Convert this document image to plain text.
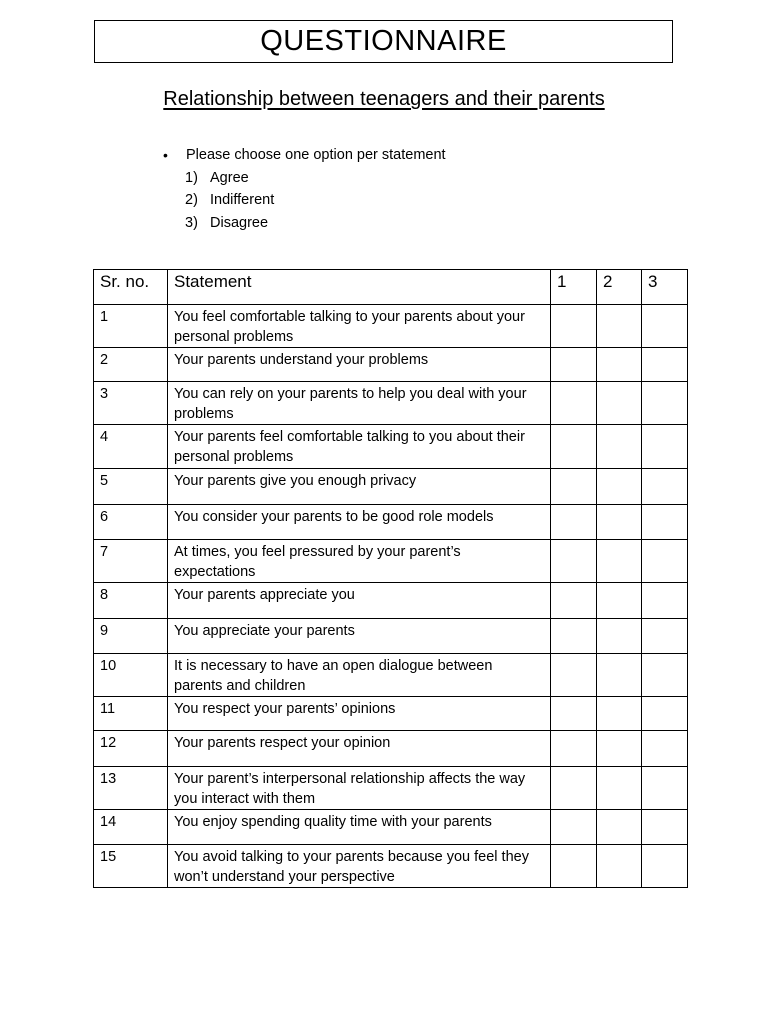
QUESTIONNAIRE
Relationship between teenagers and their parents
•	Please choose one option per statement
1) Agree
2) Indifferent
3) Disagree
Sr. no.	Statement	1	2	3
1	You feel comfortable talking to your parents about your personal problems			
2	Your parents understand your problems			
3	You can rely on your parents to help you deal with your problems			
4	Your parents feel comfortable talking to you about their personal problems			
5	Your parents give you enough privacy			
6	You consider your parents to be good role models			
7	At times, you feel pressured by your parent’s expectations			
8	Your parents appreciate you			
9	You appreciate your parents			
10	It is necessary to have an open dialogue between parents and children			
11	You respect your parents’ opinions			
12	Your parents respect your opinion			
13	Your parent’s interpersonal relationship affects the way you interact with them			
14	You enjoy spending quality time with your parents			
15	You avoid talking to your parents because you feel they won’t understand your perspective			
